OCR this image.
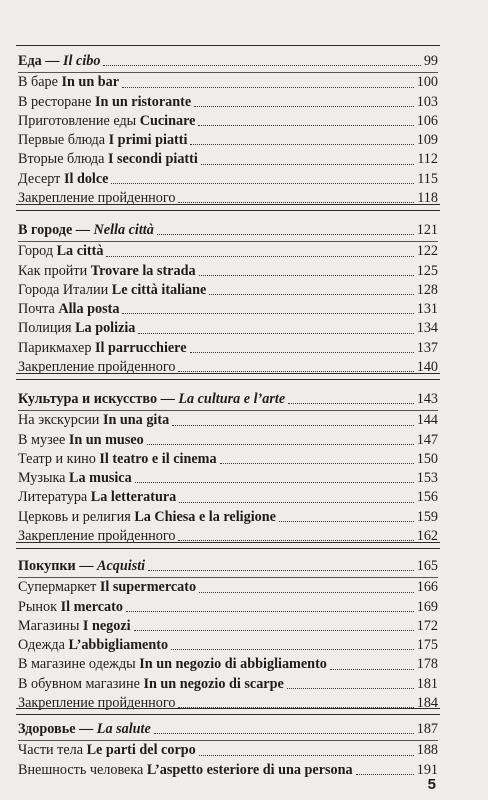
Еда — Il cibo	99
В баре In un bar	100
В ресторане In un ristorante	103
Приготовление еды Cucinare	106
Первые блюда I primi piatti	109
Вторые блюда I secondi piatti	112
Десерт Il dolce	115
Закрепление пройденного	118
В городе — Nella città	121
Город La città	122
Как пройти Trovare la strada	125
Города Италии Le città italiane	128
Почта Alla posta	131
Полиция La polizia	134
Парикмахер Il parrucchiere	137
Закрепление пройденного	140
Культура и искусство — La cultura e l’arte	143
На экскурсии In una gita	144
В музее In un museo	147
Театр и кино Il teatro e il cinema	150
Музыка La musica	153
Литература La letteratura	156
Церковь и религия La Chiesa e la religione	159
Закрепление пройденного	162
Покупки — Acquisti	165
Супермаркет Il supermercato	166
Рынок Il mercato	169
Магазины I negozi	172
Одежда L’abbigliamento	175
В магазине одежды In un negozio di abbigliamento	178
В обувном магазине In un negozio di scarpe	181
Закрепление пройденного	184
Здоровье — La salute	187
Части тела Le parti del corpo	188
Внешность человека L’aspetto esteriore di una persona	191
5
